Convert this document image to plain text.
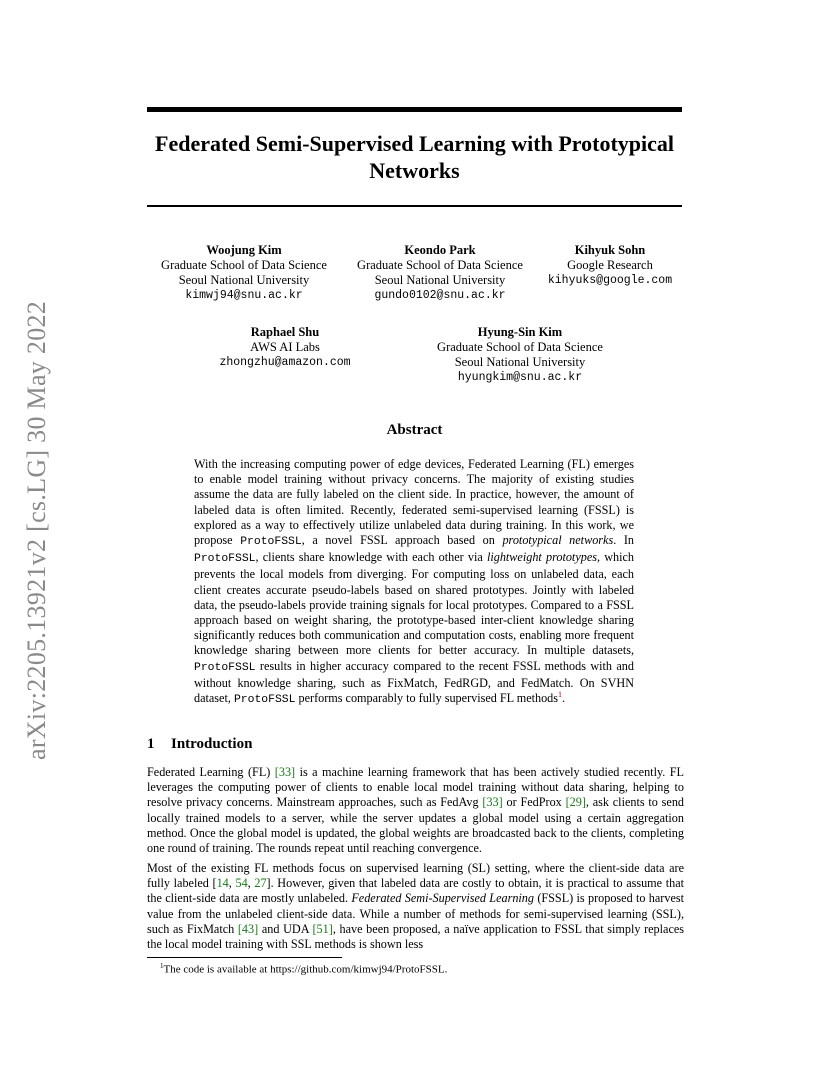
Federated Semi-Supervised Learning with Prototypical Networks
arXiv:2205.13921v2 [cs.LG] 30 May 2022
Woojung Kim
Graduate School of Data Science
Seoul National University
kimwj94@snu.ac.kr
Keondo Park
Graduate School of Data Science
Seoul National University
gundo0102@snu.ac.kr
Kihyuk Sohn
Google Research
kihyuks@google.com
Raphael Shu
AWS AI Labs
zhongzhu@amazon.com
Hyung-Sin Kim
Graduate School of Data Science
Seoul National University
hyungkim@snu.ac.kr
Abstract

With the increasing computing power of edge devices, Federated Learning (FL) emerges to enable model training without privacy concerns. The majority of existing studies assume the data are fully labeled on the client side. In practice, however, the amount of labeled data is often limited. Recently, federated semi-supervised learning (FSSL) is explored as a way to effectively utilize unlabeled data during training. In this work, we propose ProtoFSSL, a novel FSSL approach based on prototypical networks. In ProtoFSSL, clients share knowledge with each other via lightweight prototypes, which prevents the local models from diverging. For computing loss on unlabeled data, each client creates accurate pseudo-labels based on shared prototypes. Jointly with labeled data, the pseudo-labels provide training signals for local prototypes. Compared to a FSSL approach based on weight sharing, the prototype-based inter-client knowledge sharing significantly reduces both communication and computation costs, enabling more frequent knowledge sharing between more clients for better accuracy. In multiple datasets, ProtoFSSL results in higher accuracy compared to the recent FSSL methods with and without knowledge sharing, such as FixMatch, FedRGD, and FedMatch. On SVHN dataset, ProtoFSSL performs comparably to fully supervised FL methods$^1$.

1 Introduction

Federated Learning (FL) [33] is a machine learning framework that has been actively studied recently. FL leverages the computing power of clients to enable local model training without data sharing, helping to resolve privacy concerns. Mainstream approaches, such as FedAvg [33] or FedProx [29], ask clients to send locally trained models to a server, while the server updates a global model using a certain aggregation method. Once the global model is updated, the global weights are broadcasted back to the clients, completing one round of training. The rounds repeat until reaching convergence.

Most of the existing FL methods focus on supervised learning (SL) setting, where the client-side data are fully labeled [14, 54, 27]. However, given that labeled data are costly to obtain, it is practical to assume that the client-side data are mostly unlabeled. Federated Semi-Supervised Learning (FSSL) is proposed to harvest value from the unlabeled client-side data. While a number of methods for semi-supervised learning (SSL), such as FixMatch [43] and UDA [51], have been proposed, a naïve application to FSSL that simply replaces the local model training with SSL methods is shown less

$^1$The code is available at https://github.com/kimwj94/ProtoFSSL.
